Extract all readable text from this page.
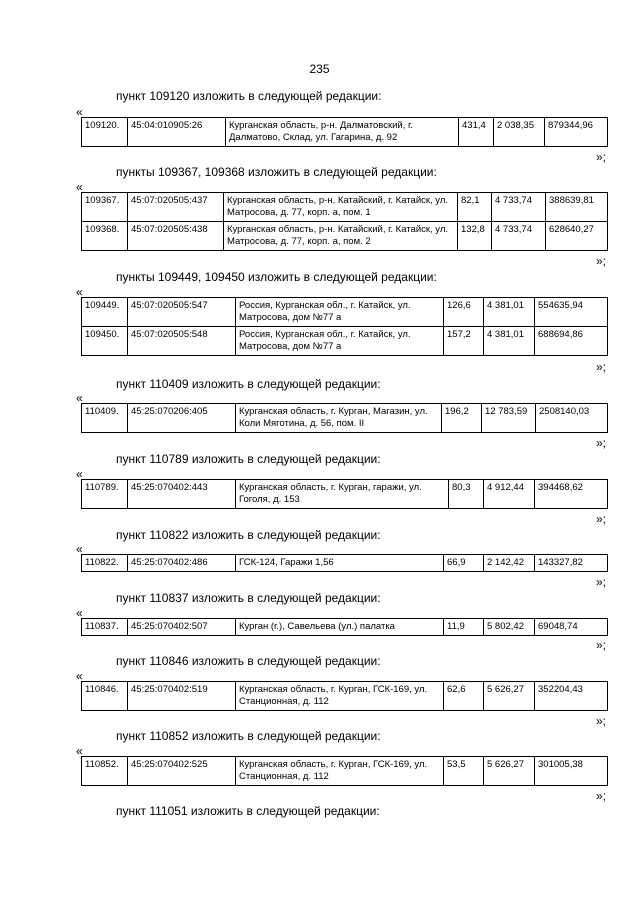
235
пункт 109120 изложить в следующей редакции:
«
109120.	45:04:010905:26	Курганская область, р-н. Далматовский, г. Далматово, Склад, ул. Гагарина, д. 92	431,4	2 038,35	879344,96
»;
пункты 109367, 109368 изложить в следующей редакции:
«
109367.	45:07:020505:437	Курганская область, р-н. Катайский, г. Катайск, ул. Матросова, д. 77, корп. а, пом. 1	82,1	4 733,74	388639,81
109368.	45:07:020505:438	Курганская область, р-н. Катайский, г. Катайск, ул. Матросова, д. 77, корп. а, пом. 2	132,8	4 733,74	628640,27
»;
пункты 109449, 109450 изложить в следующей редакции:
«
109449.	45:07:020505:547	Россия, Курганская обл., г. Катайск, ул. Матросова, дом №77 а	126,6	4 381,01	554635,94
109450.	45:07:020505:548	Россия, Курганская обл., г. Катайск, ул. Матросова, дом №77 а	157,2	4 381,01	688694,86
»;
пункт 110409 изложить в следующей редакции:
«
110409.	45:25:070206:405	Курганская область, г. Курган, Магазин, ул. Коли Мяготина, д. 56, пом. II	196,2	12 783,59	2508140,03
»;
пункт 110789 изложить в следующей редакции:
«
110789.	45:25:070402:443	Курганская область, г. Курган, гаражи, ул. Гоголя, д. 153	80,3	4 912,44	394468,62
»;
пункт 110822 изложить в следующей редакции:
«
110822.	45:25:070402:486	ГСК-124, Гаражи 1,56	66,9	2 142,42	143327,82
»;
пункт 110837 изложить в следующей редакции:
«
110837.	45:25:070402:507	Курган (г.), Савельева (ул.) палатка	11,9	5 802,42	69048,74
»;
пункт 110846 изложить в следующей редакции:
«
110846.	45:25:070402:519	Курганская область, г. Курган, ГСК-169, ул. Станционная, д. 112	62,6	5 626,27	352204,43
»;
пункт 110852 изложить в следующей редакции:
«
110852.	45:25:070402:525	Курганская область, г. Курган, ГСК-169, ул. Станционная, д. 112	53,5	5 626,27	301005,38
»;
пункт 111051 изложить в следующей редакции:
